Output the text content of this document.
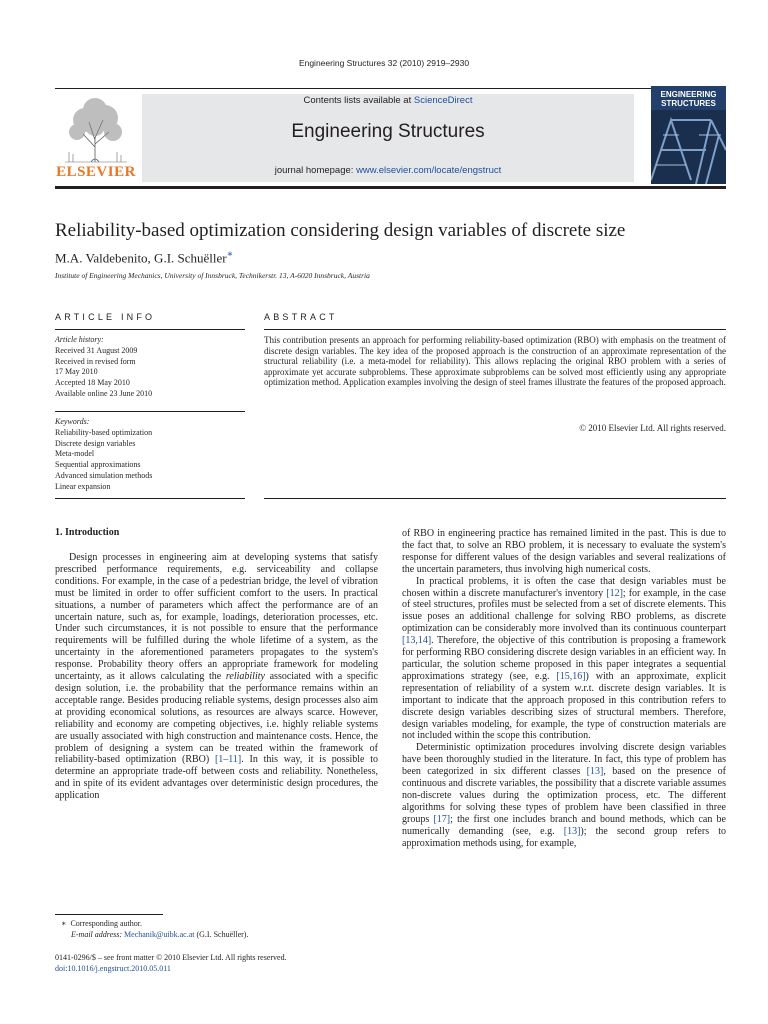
Engineering Structures 32 (2010) 2919–2930
ELSEVIER
Contents lists available at ScienceDirect
Engineering Structures
journal homepage: www.elsevier.com/locate/engstruct
ENGINEERING
STRUCTURES
Reliability-based optimization considering design variables of discrete size
M.A. Valdebenito, G.I. Schuëller∗
Institute of Engineering Mechanics, University of Innsbruck, Technikerstr. 13, A-6020 Innsbruck, Austria
ARTICLE INFO
Article history:
Received 31 August 2009
Received in revised form
17 May 2010
Accepted 18 May 2010
Available online 23 June 2010
Keywords:
Reliability-based optimization
Discrete design variables
Meta-model
Sequential approximations
Advanced simulation methods
Linear expansion
ABSTRACT
This contribution presents an approach for performing reliability-based optimization (RBO) with emphasis on the treatment of discrete design variables. The key idea of the proposed approach is the construction of an approximate representation of the structural reliability (i.e. a meta-model for reliability). This allows replacing the original RBO problem with a series of approximate yet accurate subproblems. These approximate subproblems can be solved most efficiently using any appropriate optimization method. Application examples involving the design of steel frames illustrate the features of the proposed approach.
© 2010 Elsevier Ltd. All rights reserved.
1. Introduction

Design processes in engineering aim at developing systems that satisfy prescribed performance requirements, e.g. serviceability and collapse conditions. For example, in the case of a pedestrian bridge, the level of vibration must be limited in order to offer sufficient comfort to the users. In practical situations, a number of parameters which affect the performance are of an uncertain nature, such as, for example, loadings, deterioration processes, etc. Under such circumstances, it is not possible to ensure that the performance requirements will be fulfilled during the whole lifetime of a system, as the uncertainty in the aforementioned parameters propagates to the system's response. Probability theory offers an appropriate framework for modeling uncertainty, as it allows calculating the reliability associated with a specific design solution, i.e. the probability that the performance remains within an acceptable range. Besides producing reliable systems, design processes also aim at providing economical solutions, as resources are always scarce. However, reliability and economy are competing objectives, i.e. highly reliable systems are usually associated with high construction and maintenance costs. Hence, the problem of designing a system can be treated within the framework of reliability-based optimization (RBO) [1–11]. In this way, it is possible to determine an appropriate trade-off between costs and reliability. Nonetheless, and in spite of its evident advantages over deterministic design procedures, the application

of RBO in engineering practice has remained limited in the past. This is due to the fact that, to solve an RBO problem, it is necessary to evaluate the system's response for different values of the design variables and several realizations of the uncertain parameters, thus involving high numerical costs.

In practical problems, it is often the case that design variables must be chosen within a discrete manufacturer's inventory [12]; for example, in the case of steel structures, profiles must be selected from a set of discrete elements. This issue poses an additional challenge for solving RBO problems, as discrete optimization can be considerably more involved than its continuous counterpart [13,14]. Therefore, the objective of this contribution is proposing a framework for performing RBO considering discrete design variables in an efficient way. In particular, the solution scheme proposed in this paper integrates a sequential approximations strategy (see, e.g. [15,16]) with an approximate, explicit representation of reliability of a system w.r.t. discrete design variables. It is important to indicate that the approach proposed in this contribution refers to discrete design variables describing sizes of structural members. Therefore, design variables modeling, for example, the type of construction materials are not included within the scope this contribution.

Deterministic optimization procedures involving discrete design variables have been thoroughly studied in the literature. In fact, this type of problem has been categorized in six different classes [13], based on the presence of continuous and discrete variables, the possibility that a discrete variable assumes non-discrete values during the optimization process, etc. The different algorithms for solving these types of problem have been classified in three groups [17]; the first one includes branch and bound methods, which can be numerically demanding (see, e.g. [13]); the second group refers to approximation methods using, for example,

∗ Corresponding author.
E-mail address: Mechanik@uibk.ac.at (G.I. Schuëller).
0141-0296/$ – see front matter © 2010 Elsevier Ltd. All rights reserved.
doi:10.1016/j.engstruct.2010.05.011
